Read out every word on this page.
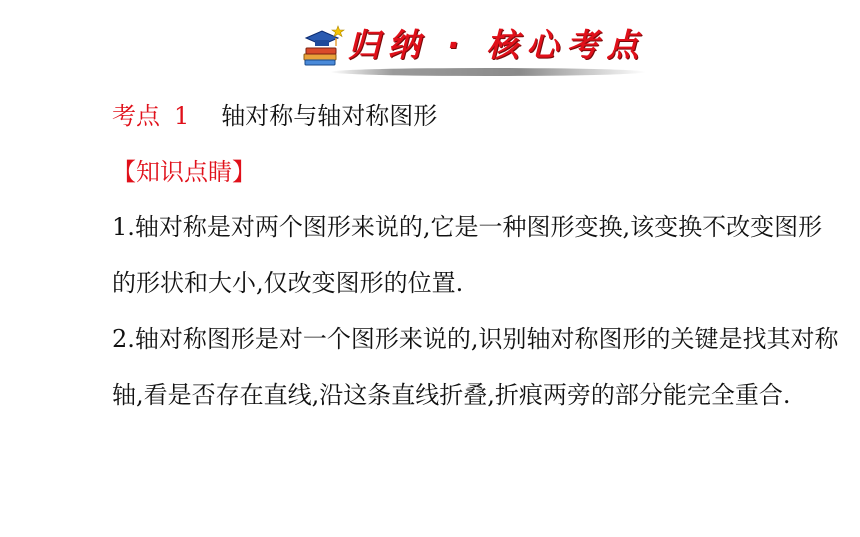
归纳 · 核心考点
考点 1 轴对称与轴对称图形
【知识点睛】

1.轴对称是对两个图形来说的,它是一种图形变换,该变换不改变图形的形状和大小,仅改变图形的位置.

2.轴对称图形是对一个图形来说的,识别轴对称图形的关键是找其对称轴,看是否存在直线,沿这条直线折叠,折痕两旁的部分能完全重合.
